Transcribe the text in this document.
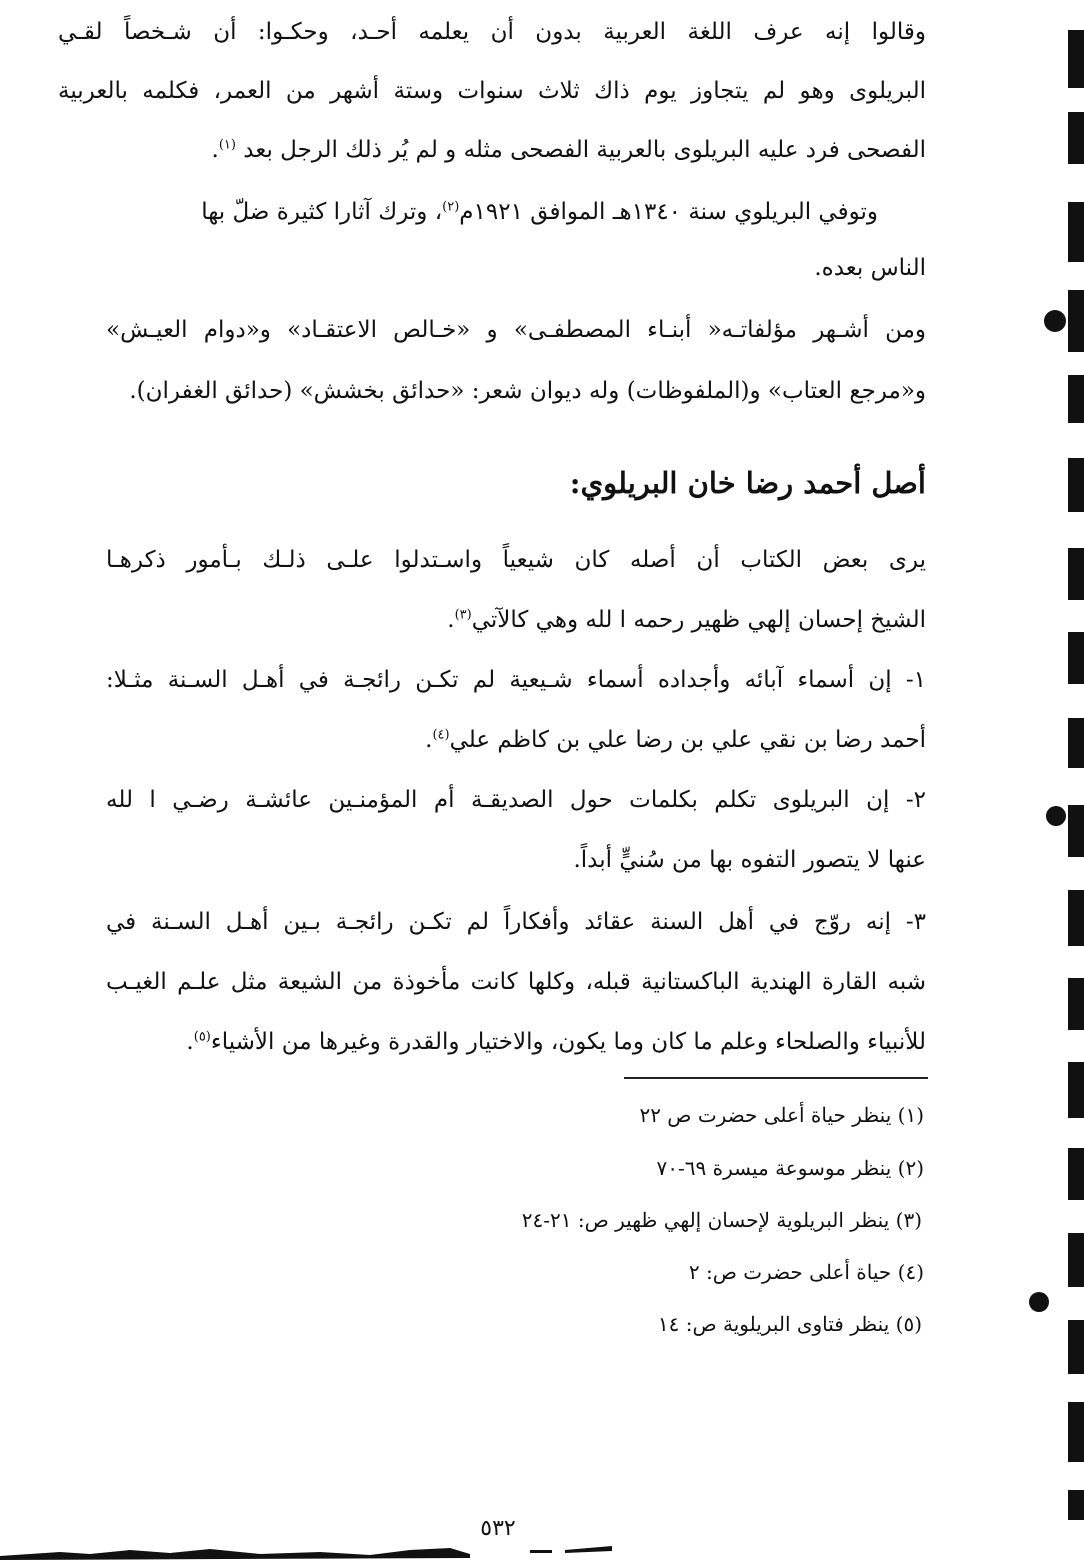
وقالوا إنه عرف اللغة العربية بدون أن يعلمه أحـد، وحكـوا: أن شـخصاً لقـي
البريلوى وهو لم يتجاوز يوم ذاك ثلاث سنوات وستة أشهر من العمر، فكلمه بالعربية
الفصحى فرد عليه البريلوى بالعربية الفصحى مثله و لم يُر ذلك الرجل بعد $^{(١)}$.
وتوفي البريلوي سنة ١٣٤٠هـ الموافق ١٩٢١م$^{(٢)}$، وترك آثارا كثيرة ضلّ بها
الناس بعده.
ومن أشـهر مؤلفاتـه« أبنـاء المصطفـى» و «خـالص الاعتقـاد» و«دوام العيـش»
و«مرجع العتاب» و(الملفوظات) وله ديوان شعر: «حدائق بخشش» (حدائق الغفران).
أصل أحمد رضا خان البريلوي:
يرى بعض الكتاب أن أصله كان شيعياً واسـتدلوا علـى ذلـك بـأمور ذكرهـا
الشيخ إحسان إلهي ظهير رحمه ا لله وهي كالآتي$^{(٣)}$.
١- إن أسماء آبائه وأجداده أسماء شـيعية لم تكـن رائجـة في أهـل السـنة مثـلا:
أحمد رضا بن نقي علي بن رضا علي بن كاظم علي$^{(٤)}$.
٢- إن البريلوى تكلم بكلمات حول الصديقـة أم المؤمنـين عائشـة رضـي ا لله
عنها لا يتصور التفوه بها من سُنيٍّ أبداً.
٣- إنه روّج في أهل السنة عقائد وأفكاراً لم تكـن رائجـة بـين أهـل السـنة في
شبه القارة الهندية الباكستانية قبله، وكلها كانت مأخوذة من الشيعة مثل علـم الغيـب
للأنبياء والصلحاء وعلم ما كان وما يكون، والاختيار والقدرة وغيرها من الأشياء$^{(٥)}$.
(١) ينظر حياة أعلى حضرت ص ٢٢
(٢) ينظر موسوعة ميسرة ٦٩-٧٠
(٣) ينظر البريلوية لإحسان إلهي ظهير ص: ٢١-٢٤
(٤) حياة أعلى حضرت ص: ٢
(٥) ينظر فتاوى البريلوية ص: ١٤
٥٣٢
